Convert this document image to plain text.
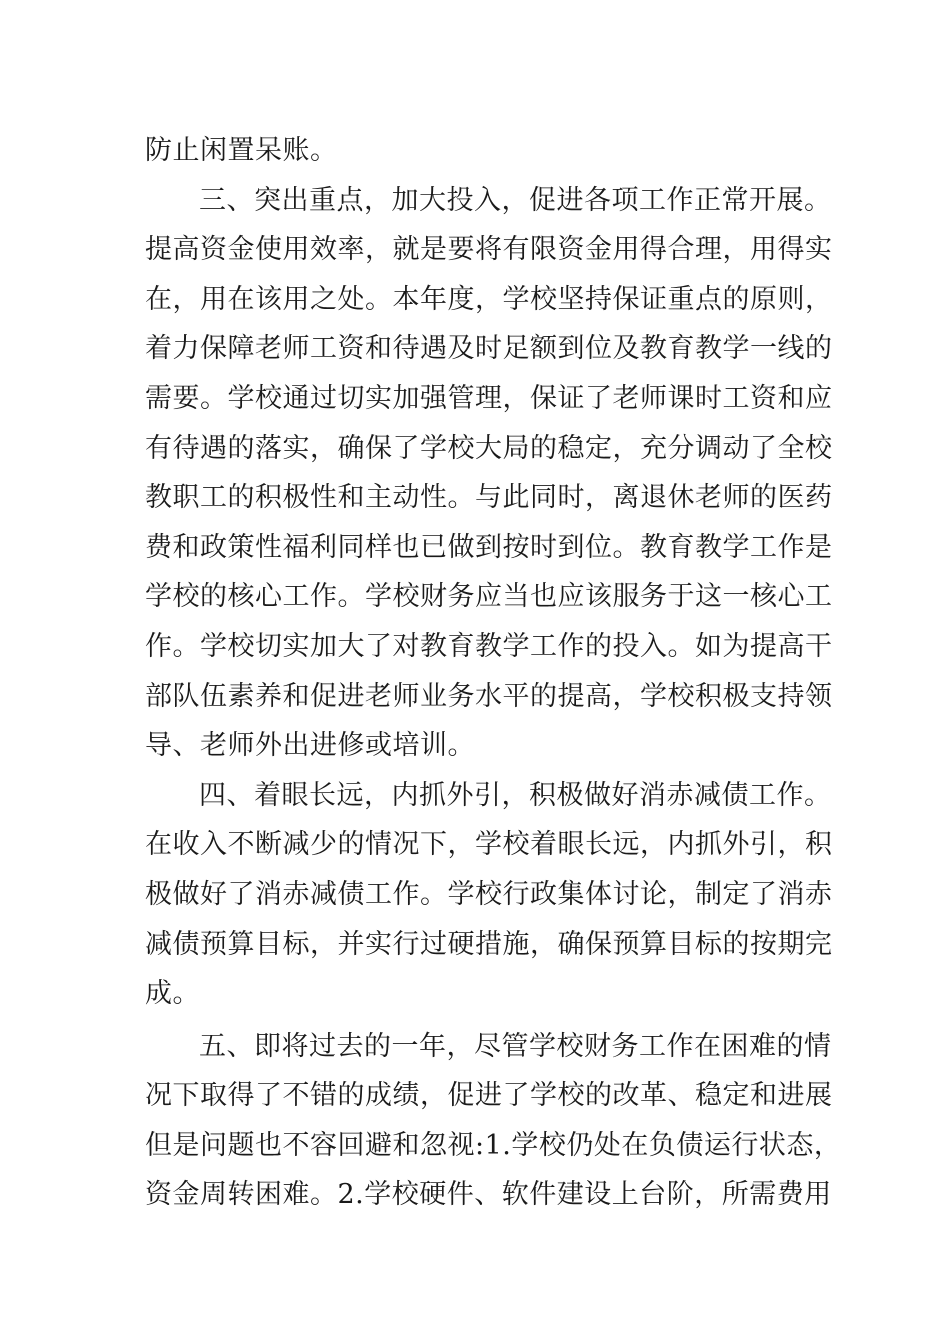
防止闲置呆账。
三、突出重点，加大投入，促进各项工作正常开展。
提高资金使用效率，就是要将有限资金用得合理，用得实
在，用在该用之处。本年度，学校坚持保证重点的原则，
着力保障老师工资和待遇及时足额到位及教育教学一线的
需要。学校通过切实加强管理，保证了老师课时工资和应
有待遇的落实，确保了学校大局的稳定，充分调动了全校
教职工的积极性和主动性。与此同时，离退休老师的医药
费和政策性福利同样也已做到按时到位。教育教学工作是
学校的核心工作。学校财务应当也应该服务于这一核心工
作。学校切实加大了对教育教学工作的投入。如为提高干
部队伍素养和促进老师业务水平的提高，学校积极支持领
导、老师外出进修或培训。
四、着眼长远，内抓外引，积极做好消赤减债工作。
在收入不断减少的情况下，学校着眼长远，内抓外引，积
极做好了消赤减债工作。学校行政集体讨论，制定了消赤
减债预算目标，并实行过硬措施，确保预算目标的按期完
成。
五、即将过去的一年，尽管学校财务工作在困难的情
况下取得了不错的成绩，促进了学校的改革、稳定和进展
但是问题也不容回避和忽视:1.学校仍处在负债运行状态，
资金周转困难。2.学校硬件、软件建设上台阶，所需费用
